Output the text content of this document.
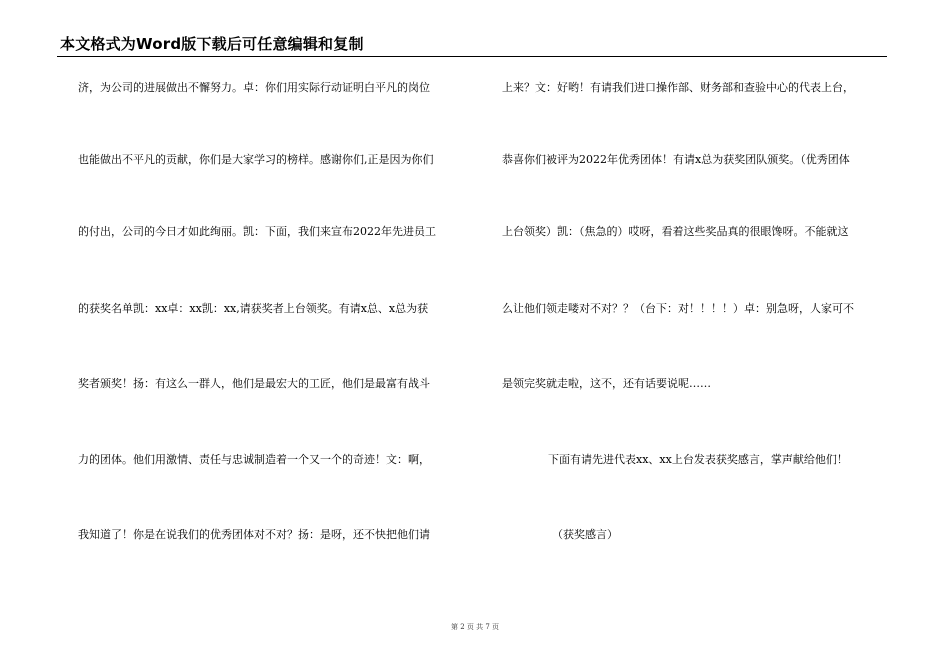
本文格式为Word版下载后可任意编辑和复制
济，为公司的进展做出不懈努力。卓：你们用实际行动证明白平凡的岗位
也能做出不平凡的贡献，你们是大家学习的榜样。感谢你们,正是因为你们
的付出，公司的今日才如此绚丽。凯：下面，我们来宣布2022年先进员工
的获奖名单凯：xx卓：xx凯：xx,请获奖者上台领奖。有请x总、x总为获
奖者颁奖！扬：有这么一群人，他们是最宏大的工匠，他们是最富有战斗
力的团体。他们用激情、责任与忠诚制造着一个又一个的奇迹！文：啊，
我知道了！你是在说我们的优秀团体对不对？扬：是呀，还不快把他们请
上来？文：好哟！有请我们进口操作部、财务部和查验中心的代表上台，
恭喜你们被评为2022年优秀团体！有请x总为获奖团队颁奖。（优秀团体
上台领奖）凯：（焦急的）哎呀，看着这些奖品真的很眼馋呀。不能就这
么让他们领走喽对不对？？（台下：对！！！！）卓：别急呀，人家可不
是领完奖就走啦，这不，还有话要说呢……
下面有请先进代表xx、xx上台发表获奖感言，掌声献给他们！
（获奖感言）
第 2 页 共 7 页
